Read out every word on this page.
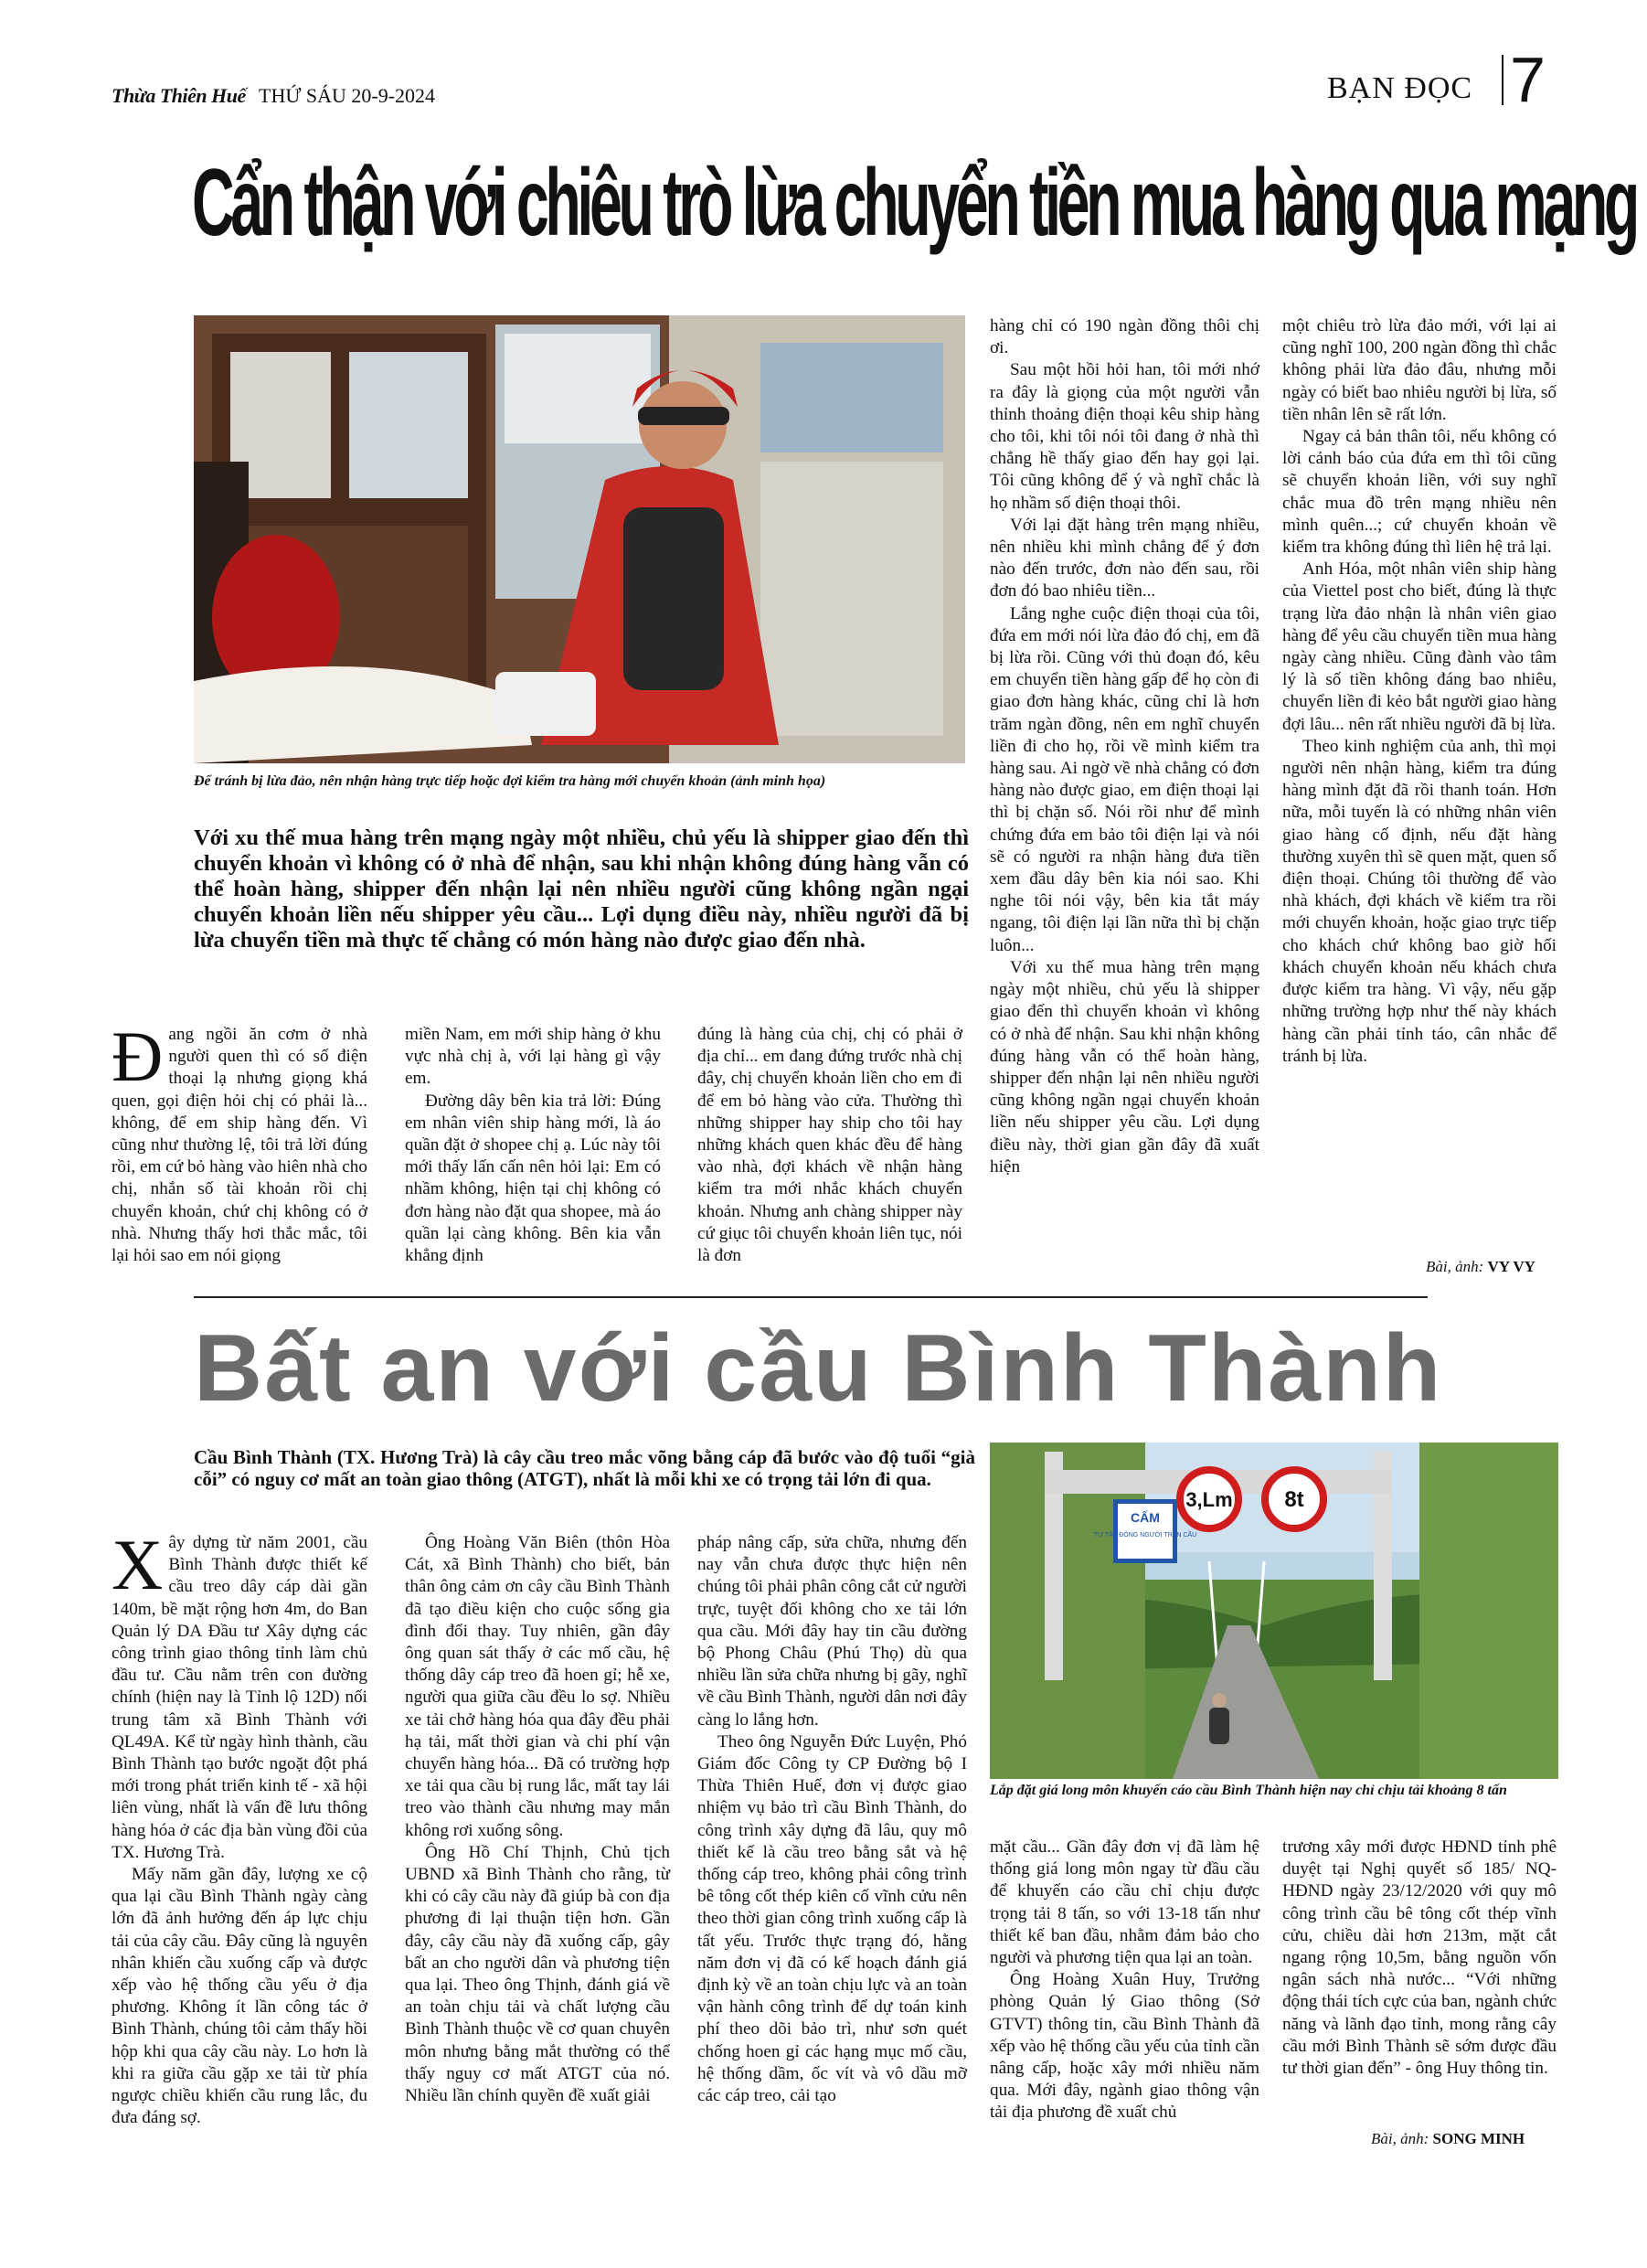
Thừa Thiên Huế THỨ SÁU 20-9-2024	BẠN ĐỌC 7
Cẩn thận với chiêu trò lừa chuyển tiền mua hàng qua mạng
Để tránh bị lừa đảo, nên nhận hàng trực tiếp hoặc đợi kiểm tra hàng mới chuyển khoản (ảnh minh họa)
Với xu thế mua hàng trên mạng ngày một nhiều, chủ yếu là shipper giao đến thì chuyển khoản vì không có ở nhà để nhận, sau khi nhận không đúng hàng vẫn có thể hoàn hàng, shipper đến nhận lại nên nhiều người cũng không ngần ngại chuyển khoản liền nếu shipper yêu cầu... Lợi dụng điều này, nhiều người đã bị lừa chuyển tiền mà thực tế chẳng có món hàng nào được giao đến nhà.
Đ ang ngồi ăn cơm ở nhà người quen thì có số điện thoại lạ nhưng giọng khá quen, gọi điện hỏi chị có phải là... không, để em ship hàng đến. Vì cũng như thường lệ, tôi trả lời đúng rồi, em cứ bỏ hàng vào hiên nhà cho chị, nhắn số tài khoản rồi chị chuyển khoản, chứ chị không có ở nhà. Nhưng thấy hơi thắc mắc, tôi lại hỏi sao em nói giọng

miền Nam, em mới ship hàng ở khu vực nhà chị à, với lại hàng gì vậy em.

Đường dây bên kia trả lời: Đúng em nhân viên ship hàng mới, là áo quần đặt ở shopee chị ạ. Lúc này tôi mới thấy lấn cấn nên hỏi lại: Em có nhầm không, hiện tại chị không có đơn hàng nào đặt qua shopee, mà áo quần lại càng không. Bên kia vẫn khẳng định

đúng là hàng của chị, chị có phải ở địa chỉ... em đang đứng trước nhà chị đây, chị chuyển khoản liền cho em đi để em bỏ hàng vào cửa. Thường thì những shipper hay ship cho tôi hay những khách quen khác đều để hàng vào nhà, đợi khách về nhận hàng kiểm tra mới nhắc khách chuyển khoản. Nhưng anh chàng shipper này cứ giục tôi chuyển khoản liên tục, nói là đơn

hàng chỉ có 190 ngàn đồng thôi chị ơi.

Sau một hồi hỏi han, tôi mới nhớ ra đây là giọng của một người vẫn thỉnh thoảng điện thoại kêu ship hàng cho tôi, khi tôi nói tôi đang ở nhà thì chẳng hề thấy giao đến hay gọi lại. Tôi cũng không để ý và nghĩ chắc là họ nhầm số điện thoại thôi.

Với lại đặt hàng trên mạng nhiều, nên nhiều khi mình chẳng để ý đơn nào đến trước, đơn nào đến sau, rồi đơn đó bao nhiêu tiền...

Lắng nghe cuộc điện thoại của tôi, đứa em mới nói lừa đảo đó chị, em đã bị lừa rồi. Cũng với thủ đoạn đó, kêu em chuyển tiền hàng gấp để họ còn đi giao đơn hàng khác, cũng chỉ là hơn trăm ngàn đồng, nên em nghĩ chuyển liền đi cho họ, rồi về mình kiểm tra hàng sau. Ai ngờ về nhà chẳng có đơn hàng nào được giao, em điện thoại lại thì bị chặn số. Nói rồi như để mình chứng đứa em bảo tôi điện lại và nói sẽ có người ra nhận hàng đưa tiền xem đầu dây bên kia nói sao. Khi nghe tôi nói vậy, bên kia tắt máy ngang, tôi điện lại lần nữa thì bị chặn luôn...

Với xu thế mua hàng trên mạng ngày một nhiều, chủ yếu là shipper giao đến thì chuyển khoản vì không có ở nhà để nhận. Sau khi nhận không đúng hàng vẫn có thể hoàn hàng, shipper đến nhận lại nên nhiều người cũng không ngần ngại chuyển khoản liền nếu shipper yêu cầu. Lợi dụng điều này, thời gian gần đây đã xuất hiện

một chiêu trò lừa đảo mới, với lại ai cũng nghĩ 100, 200 ngàn đồng thì chắc không phải lừa đảo đâu, nhưng mỗi ngày có biết bao nhiêu người bị lừa, số tiền nhân lên sẽ rất lớn.

Ngay cả bản thân tôi, nếu không có lời cảnh báo của đứa em thì tôi cũng sẽ chuyển khoản liền, với suy nghĩ chắc mua đồ trên mạng nhiều nên mình quên...; cứ chuyển khoản về kiểm tra không đúng thì liên hệ trả lại.

Anh Hóa, một nhân viên ship hàng của Viettel post cho biết, đúng là thực trạng lừa đảo nhận là nhân viên giao hàng để yêu cầu chuyển tiền mua hàng ngày càng nhiều. Cũng đành vào tâm lý là số tiền không đáng bao nhiêu, chuyển liền đi kẻo bắt người giao hàng đợi lâu... nên rất nhiều người đã bị lừa.

Theo kinh nghiệm của anh, thì mọi người nên nhận hàng, kiểm tra đúng hàng mình đặt đã rồi thanh toán. Hơn nữa, mỗi tuyến là có những nhân viên giao hàng cố định, nếu đặt hàng thường xuyên thì sẽ quen mặt, quen số điện thoại. Chúng tôi thường để vào nhà khách, đợi khách về kiểm tra rồi mới chuyển khoản, hoặc giao trực tiếp cho khách chứ không bao giờ hối khách chuyển khoản nếu khách chưa được kiểm tra hàng. Vì vậy, nếu gặp những trường hợp như thế này khách hàng cần phải tỉnh táo, cân nhắc để tránh bị lừa.

Bài, ảnh: VY VY
Bất an với cầu Bình Thành
Cầu Bình Thành (TX. Hương Trà) là cây cầu treo mắc võng bằng cáp đã bước vào độ tuổi “già cỗi” có nguy cơ mất an toàn giao thông (ATGT), nhất là mỗi khi xe có trọng tải lớn đi qua.
CẤM
TỰ TẬP ĐÔNG NGƯỜI TRÊN CẦU
3,Lm 8t
Lắp đặt giá long môn khuyến cáo cầu Bình Thành hiện nay chỉ chịu tải khoảng 8 tấn
X ây dựng từ năm 2001, cầu Bình Thành được thiết kế cầu treo dây cáp dài gần 140m, bề mặt rộng hơn 4m, do Ban Quản lý DA Đầu tư Xây dựng các công trình giao thông tỉnh làm chủ đầu tư. Cầu nằm trên con đường chính (hiện nay là Tỉnh lộ 12D) nối trung tâm xã Bình Thành với QL49A. Kể từ ngày hình thành, cầu Bình Thành tạo bước ngoặt đột phá mới trong phát triển kinh tế - xã hội liên vùng, nhất là vấn đề lưu thông hàng hóa ở các địa bàn vùng đồi của TX. Hương Trà.

Mấy năm gần đây, lượng xe cộ qua lại cầu Bình Thành ngày càng lớn đã ảnh hưởng đến áp lực chịu tải của cây cầu. Đây cũng là nguyên nhân khiến cầu xuống cấp và được xếp vào hệ thống cầu yếu ở địa phương. Không ít lần công tác ở Bình Thành, chúng tôi cảm thấy hồi hộp khi qua cây cầu này. Lo hơn là khi ra giữa cầu gặp xe tải từ phía ngược chiều khiến cầu rung lắc, đu đưa đáng sợ.

Ông Hoàng Văn Biên (thôn Hòa Cát, xã Bình Thành) cho biết, bản thân ông cảm ơn cây cầu Bình Thành đã tạo điều kiện cho cuộc sống gia đình đổi thay. Tuy nhiên, gần đây ông quan sát thấy ở các mố cầu, hệ thống dây cáp treo đã hoen gỉ; hễ xe, người qua giữa cầu đều lo sợ. Nhiều xe tải chở hàng hóa qua đây đều phải hạ tải, mất thời gian và chi phí vận chuyển hàng hóa... Đã có trường hợp xe tải qua cầu bị rung lắc, mất tay lái treo vào thành cầu nhưng may mắn không rơi xuống sông.

Ông Hồ Chí Thịnh, Chủ tịch UBND xã Bình Thành cho rằng, từ khi có cây cầu này đã giúp bà con địa phương đi lại thuận tiện hơn. Gần đây, cây cầu này đã xuống cấp, gây bất an cho người dân và phương tiện qua lại. Theo ông Thịnh, đánh giá về an toàn chịu tải và chất lượng cầu Bình Thành thuộc về cơ quan chuyên môn nhưng bằng mắt thường có thể thấy nguy cơ mất ATGT của nó. Nhiều lần chính quyền đề xuất giải

pháp nâng cấp, sửa chữa, nhưng đến nay vẫn chưa được thực hiện nên chúng tôi phải phân công cắt cử người trực, tuyệt đối không cho xe tải lớn qua cầu. Mới đây hay tin cầu đường bộ Phong Châu (Phú Thọ) dù qua nhiều lần sửa chữa nhưng bị gãy, nghĩ về cầu Bình Thành, người dân nơi đây càng lo lắng hơn.

Theo ông Nguyễn Đức Luyện, Phó Giám đốc Công ty CP Đường bộ I Thừa Thiên Huế, đơn vị được giao nhiệm vụ bảo trì cầu Bình Thành, do công trình xây dựng đã lâu, quy mô thiết kế là cầu treo bằng sắt và hệ thống cáp treo, không phải công trình bê tông cốt thép kiên cố vĩnh cửu nên theo thời gian công trình xuống cấp là tất yếu. Trước thực trạng đó, hằng năm đơn vị đã có kế hoạch đánh giá định kỳ về an toàn chịu lực và an toàn vận hành công trình để dự toán kinh phí theo dõi bảo trì, như sơn quét chống hoen gỉ các hạng mục mố cầu, hệ thống dầm, ốc vít và vô dầu mỡ các cáp treo, cải tạo

mặt cầu... Gần đây đơn vị đã làm hệ thống giá long môn ngay từ đầu cầu để khuyến cáo cầu chỉ chịu được trọng tải 8 tấn, so với 13-18 tấn như thiết kế ban đầu, nhằm đảm bảo cho người và phương tiện qua lại an toàn.

Ông Hoàng Xuân Huy, Trưởng phòng Quản lý Giao thông (Sở GTVT) thông tin, cầu Bình Thành đã xếp vào hệ thống cầu yếu của tỉnh cần nâng cấp, hoặc xây mới nhiều năm qua. Mới đây, ngành giao thông vận tải địa phương đề xuất chủ

trương xây mới được HĐND tỉnh phê duyệt tại Nghị quyết số 185/ NQ-HĐND ngày 23/12/2020 với quy mô công trình cầu bê tông cốt thép vĩnh cửu, chiều dài hơn 213m, mặt cắt ngang rộng 10,5m, bằng nguồn vốn ngân sách nhà nước... “Với những động thái tích cực của ban, ngành chức năng và lãnh đạo tỉnh, mong rằng cây cầu mới Bình Thành sẽ sớm được đầu tư thời gian đến” - ông Huy thông tin.

Bài, ảnh: SONG MINH
